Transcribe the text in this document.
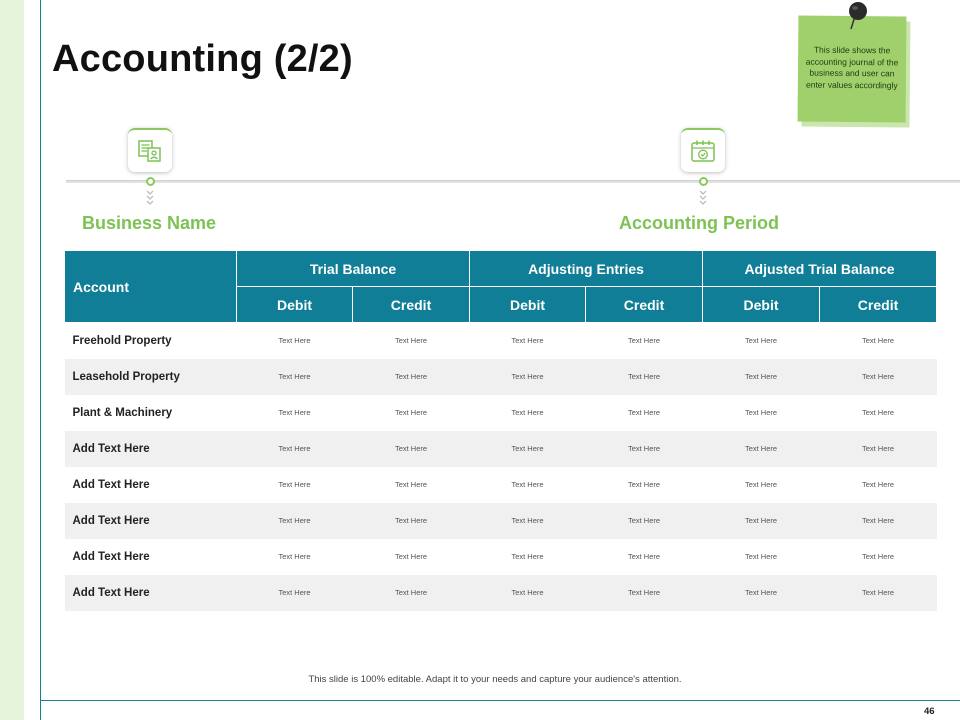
Accounting (2/2)	This slide shows the accounting journal of the business and user can enter values accordingly
Business Name	Accounting Period
Account	Trial Balance		Adjusting Entries		Adjusted Trial Balance	
	Debit	Credit	Debit	Credit	Debit	Credit
Freehold Property	Text Here	Text Here	Text Here	Text Here	Text Here	Text Here
Leasehold Property	Text Here	Text Here	Text Here	Text Here	Text Here	Text Here
Plant & Machinery	Text Here	Text Here	Text Here	Text Here	Text Here	Text Here
Add Text Here	Text Here	Text Here	Text Here	Text Here	Text Here	Text Here
Add Text Here	Text Here	Text Here	Text Here	Text Here	Text Here	Text Here
Add Text Here	Text Here	Text Here	Text Here	Text Here	Text Here	Text Here
Add Text Here	Text Here	Text Here	Text Here	Text Here	Text Here	Text Here
Add Text Here	Text Here	Text Here	Text Here	Text Here	Text Here	Text Here
This slide is 100% editable. Adapt it to your needs and capture your audience's attention.
46
